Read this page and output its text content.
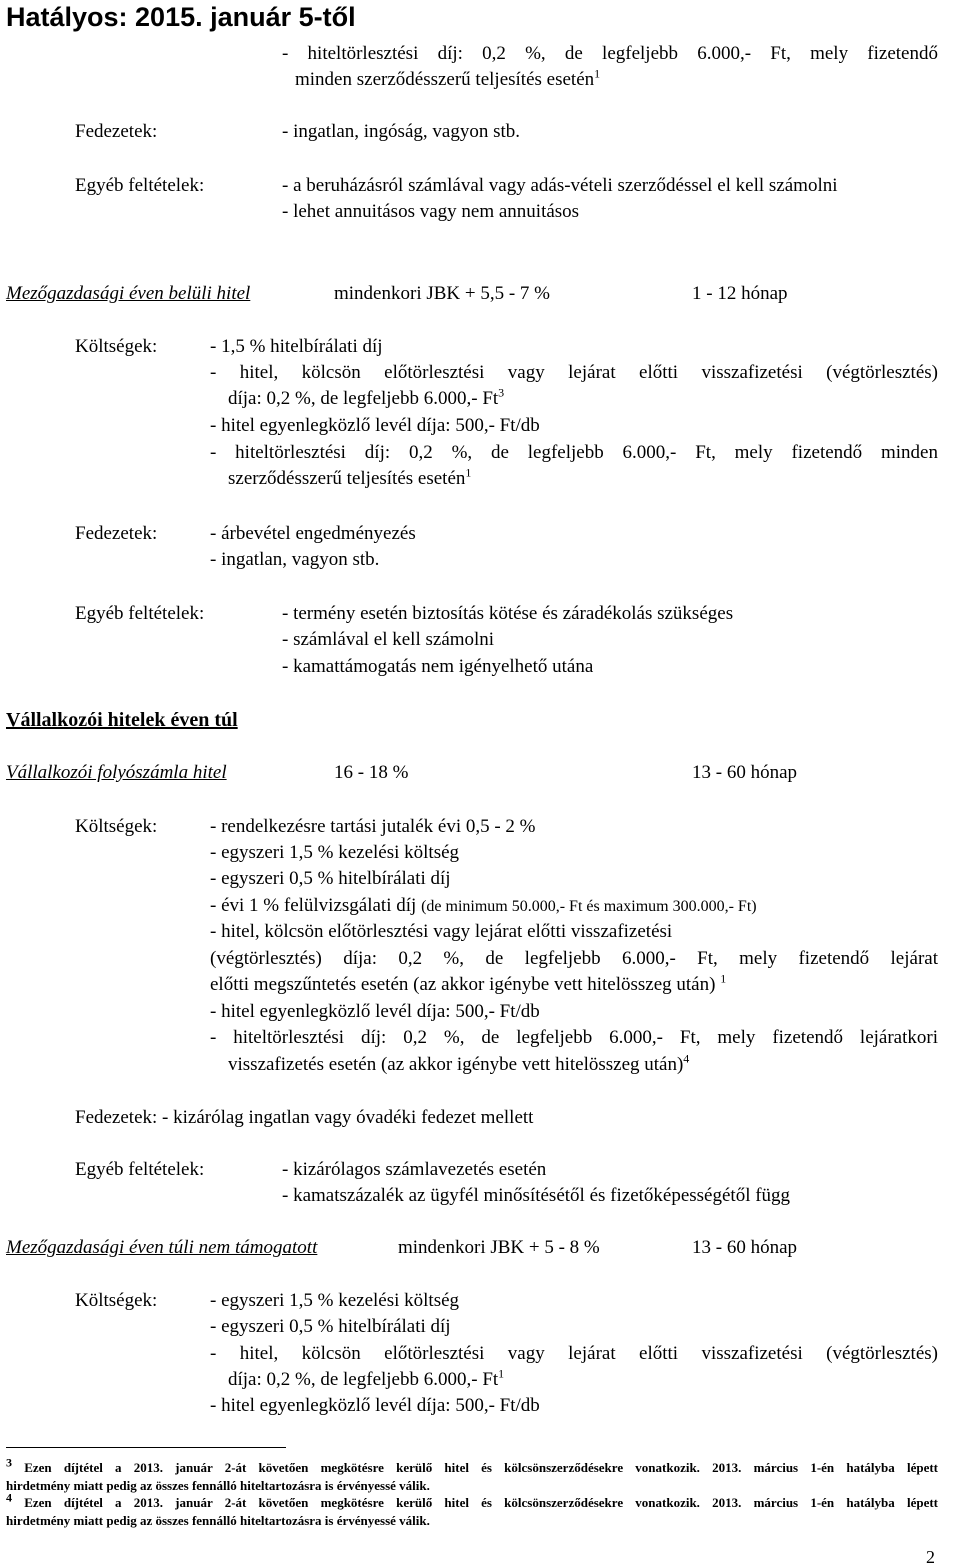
Hatályos: 2015. január 5-től
- hiteltörlesztési díj: 0,2 %, de legfeljebb 6.000,- Ft, mely fizetendő
minden szerződésszerű teljesítés esetén$^1$
Fedezetek:	- ingatlan, ingóság, vagyon stb.
Egyéb feltételek:	- a beruházásról számlával vagy adás-vételi szerződéssel el kell számolni
- lehet annuitásos vagy nem annuitásos
Mezőgazdasági éven belüli hitel	mindenkori JBK + 5,5 - 7 %	1 - 12 hónap
Költségek:	- 1,5 % hitelbírálati díj
- hitel, kölcsön előtörlesztési vagy lejárat előtti visszafizetési (végtörlesztés)
díja: 0,2 %, de legfeljebb 6.000,- Ft$^3$
- hitel egyenlegközlő levél díja: 500,- Ft/db
- hiteltörlesztési díj: 0,2 %, de legfeljebb 6.000,- Ft, mely fizetendő minden
szerződésszerű teljesítés esetén$^1$
Fedezetek:	- árbevétel engedményezés
- ingatlan, vagyon stb.
Egyéb feltételek:	- termény esetén biztosítás kötése és záradékolás szükséges
- számlával el kell számolni
- kamattámogatás nem igényelhető utána
Vállalkozói hitelek éven túl
Vállalkozói folyószámla hitel	16 - 18 %	13 - 60 hónap
Költségek:	- rendelkezésre tartási jutalék évi 0,5 - 2 %
- egyszeri 1,5 % kezelési költség
- egyszeri 0,5 % hitelbírálati díj
- évi 1 % felülvizsgálati díj (de minimum 50.000,- Ft és maximum 300.000,- Ft)
- hitel, kölcsön előtörlesztési vagy lejárat előtti visszafizetési
(végtörlesztés) díja: 0,2 %, de legfeljebb 6.000,- Ft, mely fizetendő lejárat
előtti megszűntetés esetén (az akkor igénybe vett hitelösszeg után) $^1$
- hitel egyenlegközlő levél díja: 500,- Ft/db
- hiteltörlesztési díj: 0,2 %, de legfeljebb 6.000,- Ft, mely fizetendő lejáratkori
visszafizetés esetén (az akkor igénybe vett hitelösszeg után)$^4$
Fedezetek: - kizárólag ingatlan vagy óvadéki fedezet mellett
Egyéb feltételek:	- kizárólagos számlavezetés esetén
- kamatszázalék az ügyfél minősítésétől és fizetőképességétől függ
Mezőgazdasági éven túli nem támogatott	mindenkori JBK + 5 - 8 %	13 - 60 hónap
Költségek:	- egyszeri 1,5 % kezelési költség
- egyszeri 0,5 % hitelbírálati díj
- hitel, kölcsön előtörlesztési vagy lejárat előtti visszafizetési (végtörlesztés)
díja: 0,2 %, de legfeljebb 6.000,- Ft$^1$
- hitel egyenlegközlő levél díja: 500,- Ft/db
$^3$ Ezen díjtétel a 2013. január 2-át követően megkötésre kerülő hitel és kölcsönszerződésekre vonatkozik. 2013. március 1-én hatályba lépett
hirdetmény miatt pedig az összes fennálló hiteltartozásra is érvényessé válik.
$^4$ Ezen díjtétel a 2013. január 2-át követően megkötésre kerülő hitel és kölcsönszerződésekre vonatkozik. 2013. március 1-én hatályba lépett
hirdetmény miatt pedig az összes fennálló hiteltartozásra is érvényessé válik.
2
